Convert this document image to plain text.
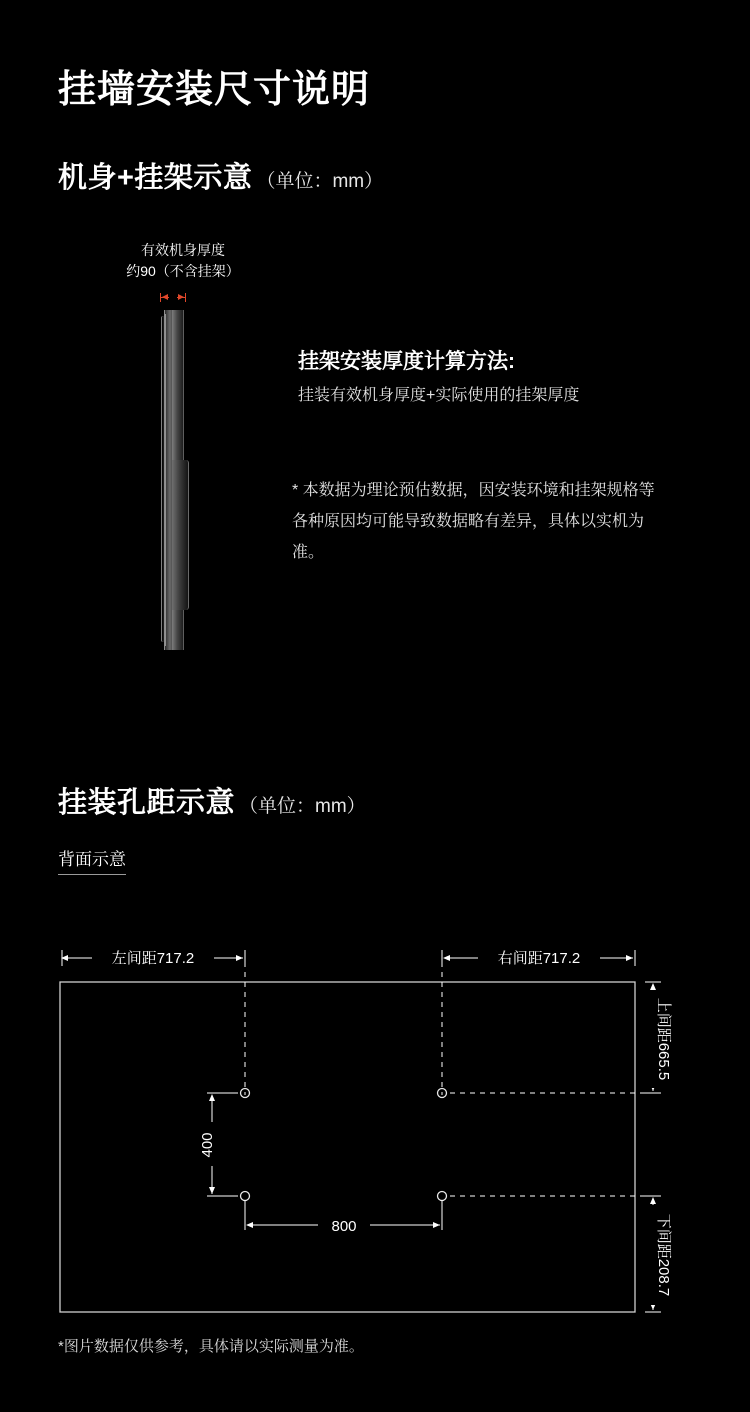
挂墙安装尺寸说明
机身+挂架示意 （单位：mm）
有效机身厚度
约90（不含挂架）
挂架安装厚度计算方法:
挂装有效机身厚度+实际使用的挂架厚度
* 本数据为理论预估数据，因安装环境和挂架规格等各种原因均可能导致数据略有差异，具体以实机为准。
挂装孔距示意 （单位：mm）
背面示意
左间距717.2	右间距717.2
上间距665.5
下间距208.7
400
800
*图片数据仅供参考，具体请以实际测量为准。
